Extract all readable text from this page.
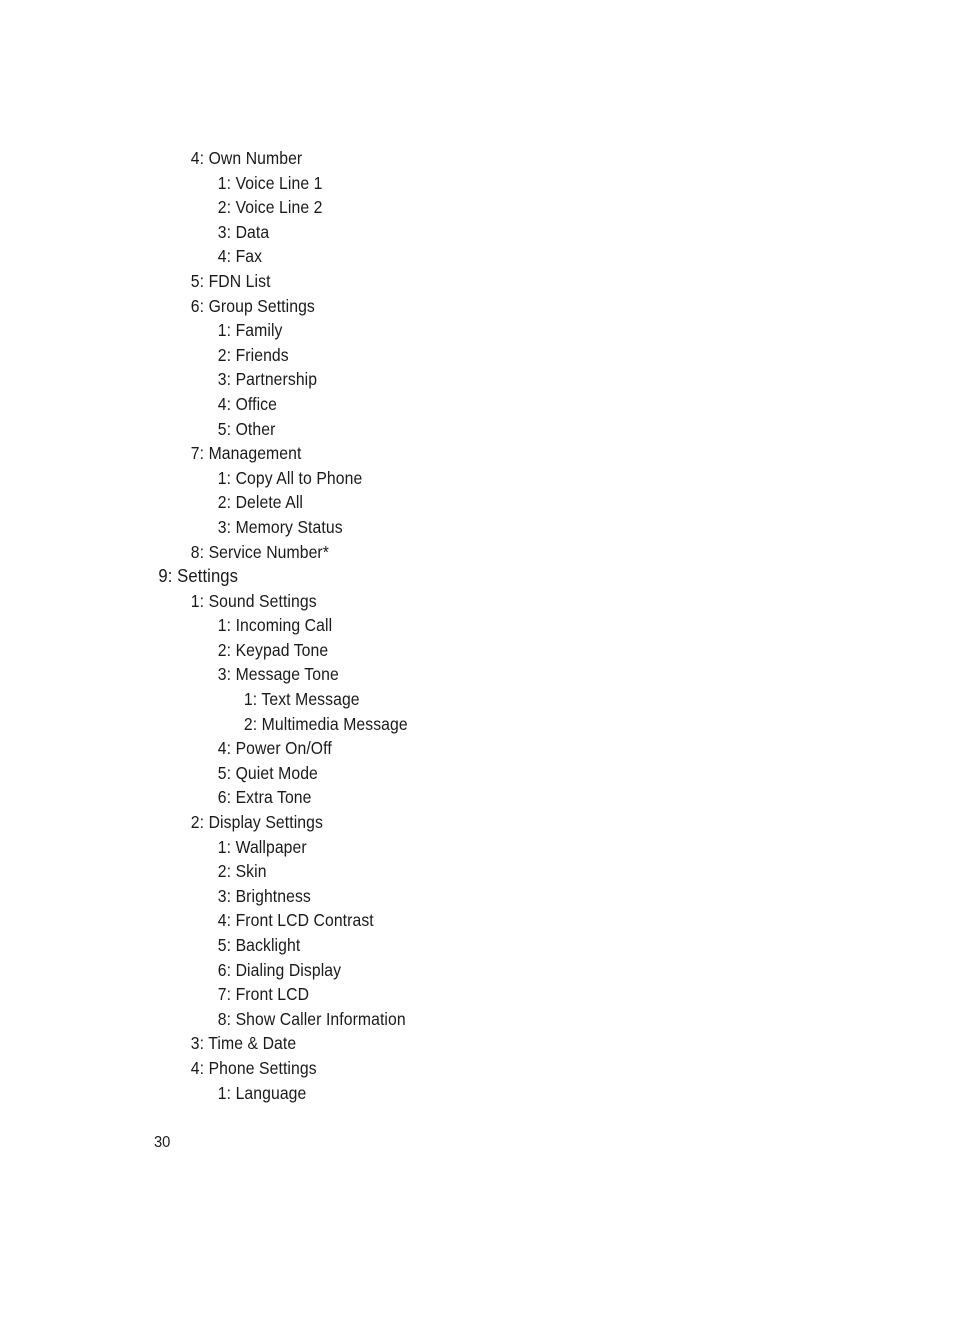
4: Own Number
1: Voice Line 1
2: Voice Line 2
3: Data
4: Fax
5: FDN List
6: Group Settings
1: Family
2: Friends
3: Partnership
4: Office
5: Other
7: Management
1: Copy All to Phone
2: Delete All
3: Memory Status
8: Service Number*
9: Settings
1: Sound Settings
1: Incoming Call
2: Keypad Tone
3: Message Tone
1: Text Message
2: Multimedia Message
4: Power On/Off
5: Quiet Mode
6: Extra Tone
2: Display Settings
1: Wallpaper
2: Skin
3: Brightness
4: Front LCD Contrast
5: Backlight
6: Dialing Display
7: Front LCD
8: Show Caller Information
3: Time & Date
4: Phone Settings
1: Language
30
